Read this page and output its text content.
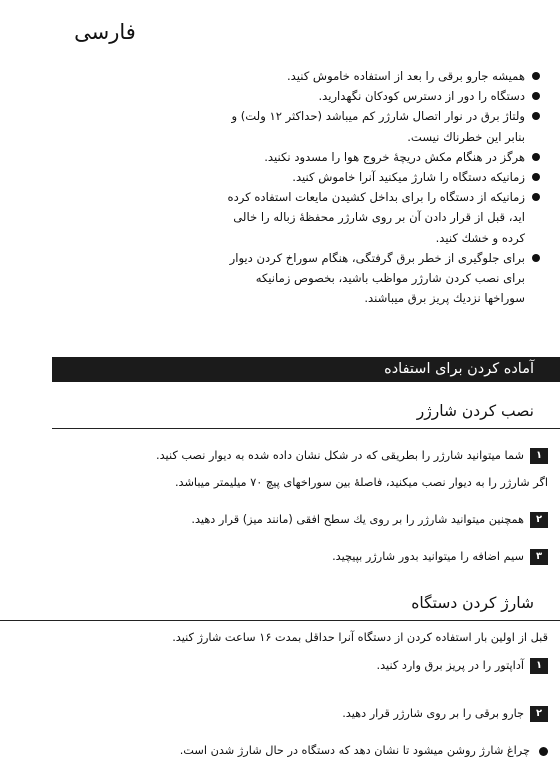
فارسی
همیشه جارو برقی را بعد از استفاده خاموش کنید.
دستگاه را دور از دسترس کودکان نگهدارید.
ولتاژ برق در نوار اتصال شارژر کم میباشد (حداکثر ۱۲ ولت) و بنابر این خطرناك نیست.
هرگز در هنگام مکش دریچهٔ خروج هوا را مسدود نکنید.
زمانیکه دستگاه را شارژ میکنید آنرا خاموش کنید.
زمانیکه از دستگاه را برای بداخل کشیدن مایعات استفاده کرده اید، قبل از قرار دادن آن بر روی شارژر محفظهٔ زباله را خالی کرده و خشك کنید.
برای جلوگیری از خطر برق گرفتگی، هنگام سوراخ کردن دیوار برای نصب کردن شارژر مواظب باشید، بخصوص زمانیکه سوراخها نزدیك پریز برق میباشند.
آماده کردن برای استفاده
نصب کردن شارژر
۱شما میتوانید شارژر را بطریقی که در شکل نشان داده شده به دیوار نصب کنید.
اگر شارژر را به دیوار نصب میکنید، فاصلهٔ بین سوراخهای پیچ ۷۰ میلیمتر میباشد.
۲همچنین میتوانید شارژر را بر روی یك سطح افقی (مانند میز) قرار دهید.
۳سیم اضافه را میتوانید بدور شارژر بپیچید.
شارژ کردن دستگاه
قبل از اولین بار استفاده کردن از دستگاه آنرا حداقل بمدت ۱۶ ساعت شارژ کنید.
۱آداپتور را در پریز برق وارد کنید.
۲جارو برقی را بر روی شارژر قرار دهید.
چراغ شارژ روشن میشود تا نشان دهد که دستگاه در حال شارژ شدن است.
